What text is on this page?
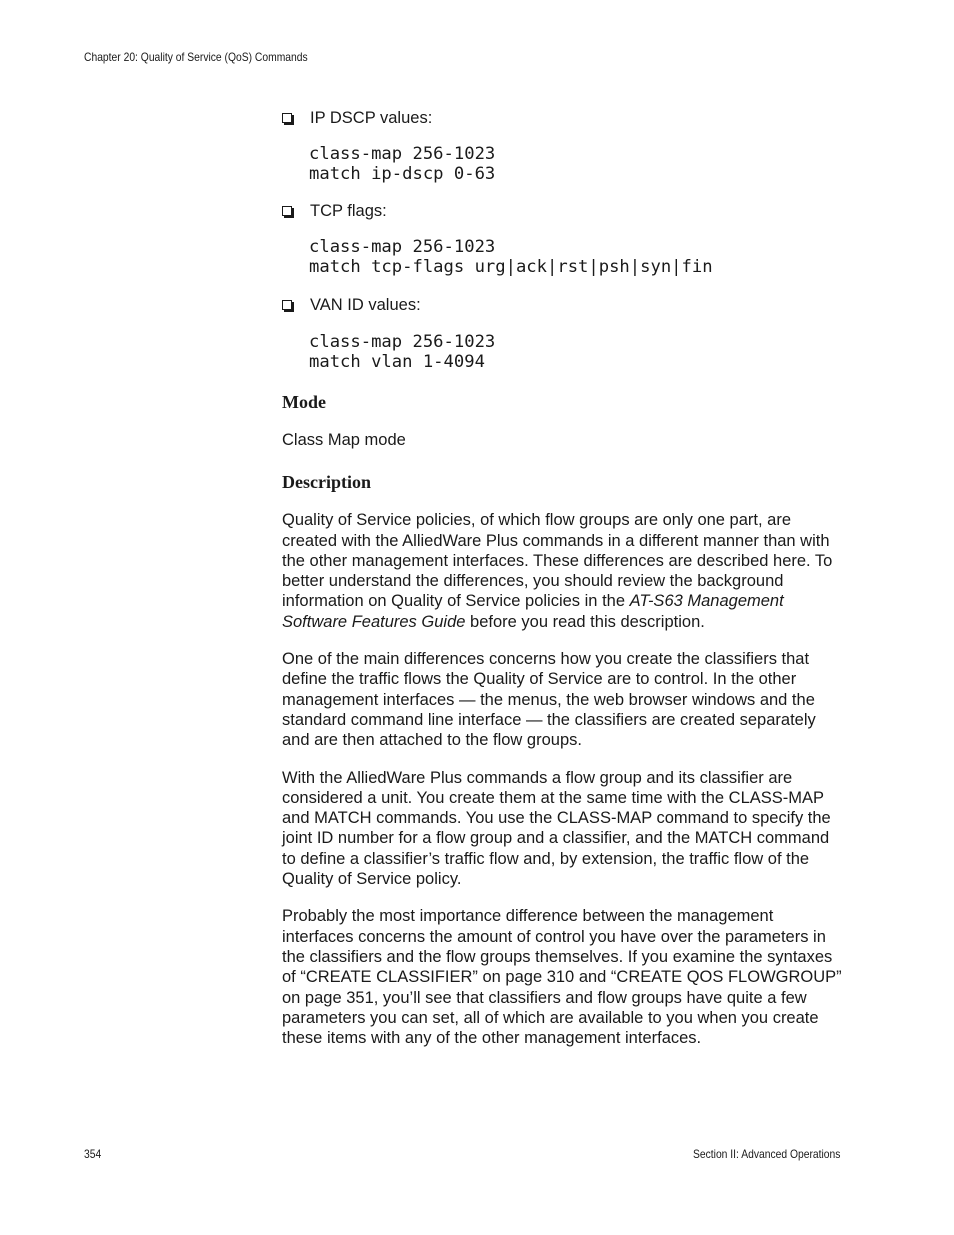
Chapter 20: Quality of Service (QoS) Commands
IP DSCP values:
class-map 256-1023
match ip-dscp 0-63
TCP flags:
class-map 256-1023
match tcp-flags urg|ack|rst|psh|syn|fin
VAN ID values:
class-map 256-1023
match vlan 1-4094
Mode

Class Map mode

Description

Quality of Service policies, of which flow groups are only one part, are created with the AlliedWare Plus commands in a different manner than with the other management interfaces. These differences are described here. To better understand the differences, you should review the background information on Quality of Service policies in the AT-S63 Management Software Features Guide before you read this description.

One of the main differences concerns how you create the classifiers that define the traffic flows the Quality of Service are to control. In the other management interfaces — the menus, the web browser windows and the standard command line interface — the classifiers are created separately and are then attached to the flow groups.

With the AlliedWare Plus commands a flow group and its classifier are considered a unit. You create them at the same time with the CLASS-MAP and MATCH commands. You use the CLASS-MAP command to specify the joint ID number for a flow group and a classifier, and the MATCH command to define a classifier’s traffic flow and, by extension, the traffic flow of the Quality of Service policy.

Probably the most importance difference between the management interfaces concerns the amount of control you have over the parameters in the classifiers and the flow groups themselves. If you examine the syntaxes of “CREATE CLASSIFIER” on page 310 and “CREATE QOS FLOWGROUP” on page 351, you’ll see that classifiers and flow groups have quite a few parameters you can set, all of which are available to you when you create these items with any of the other management interfaces.

354	Section II: Advanced Operations
